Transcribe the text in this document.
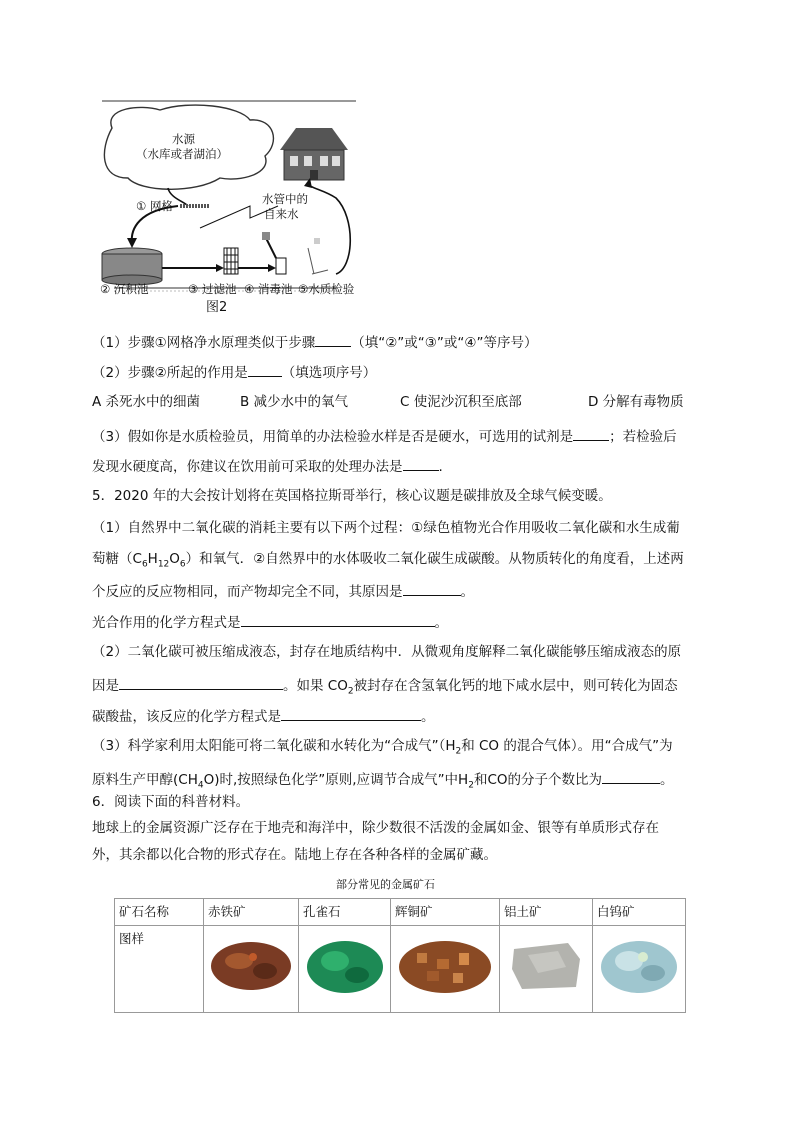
水源
（水库或者湖泊）
① 网格	水管中的
自来水
② 沉积池	③ 过滤池 ④ 消毒池 ⑤水质检验
图2
（1）步骤①网格净水原理类似于步骤	（填“②”或“③”或“④”等序号）
（2）步骤②所起的作用是	（填选项序号）
A 杀死水中的细菌	B 减少水中的氧气	C 使泥沙沉积至底部	D 分解有毒物质
（3）假如你是水质检验员，用简单的办法检验水样是否是硬水，可选用的试剂是	；若检验后
发现水硬度高，你建议在饮用前可采取的处理办法是	.
5．2020 年的大会按计划将在英国格拉斯哥举行，核心议题是碳排放及全球气候变暖。
（1）自然界中二氧化碳的消耗主要有以下两个过程：①绿色植物光合作用吸收二氧化碳和水生成葡
萄糖$(C_6H_{12}O_6)$和氧气．②自然界中的水体吸收二氧化碳生成碳酸。从物质转化的角度看，上述两
个反应的反应物相同，而产物却完全不同，其原因是	。
光合作用的化学方程式是	。
（2）二氧化碳可被压缩成液态，封存在地质结构中．从微观角度解释二氧化碳能够压缩成液态的原
因是	。如果 $CO_2$被封存在含氢氧化钙的地下咸水层中，则可转化为固态
碳酸盐，该反应的化学方程式是	。
（3）科学家利用太阳能可将二氧化碳和水转化为“合成气$”(H_2$和 CO 的混合气体）。用“合成气”为
原料生产甲醇$(CH_4O)$时,按照绿色化学”原则,应调节合成气”中$H_2$和CO的分子个数比为	。
6．阅读下面的科普材料。
地球上的金属资源广泛存在于地壳和海洋中，除少数很不活泼的金属如金、银等有单质形式存在
外，其余都以化合物的形式存在。陆地上存在各种各样的金属矿藏。
部分常见的金属矿石
矿石名称	赤铁矿	孔雀石	辉铜矿	铝土矿	白钨矿
图样	
